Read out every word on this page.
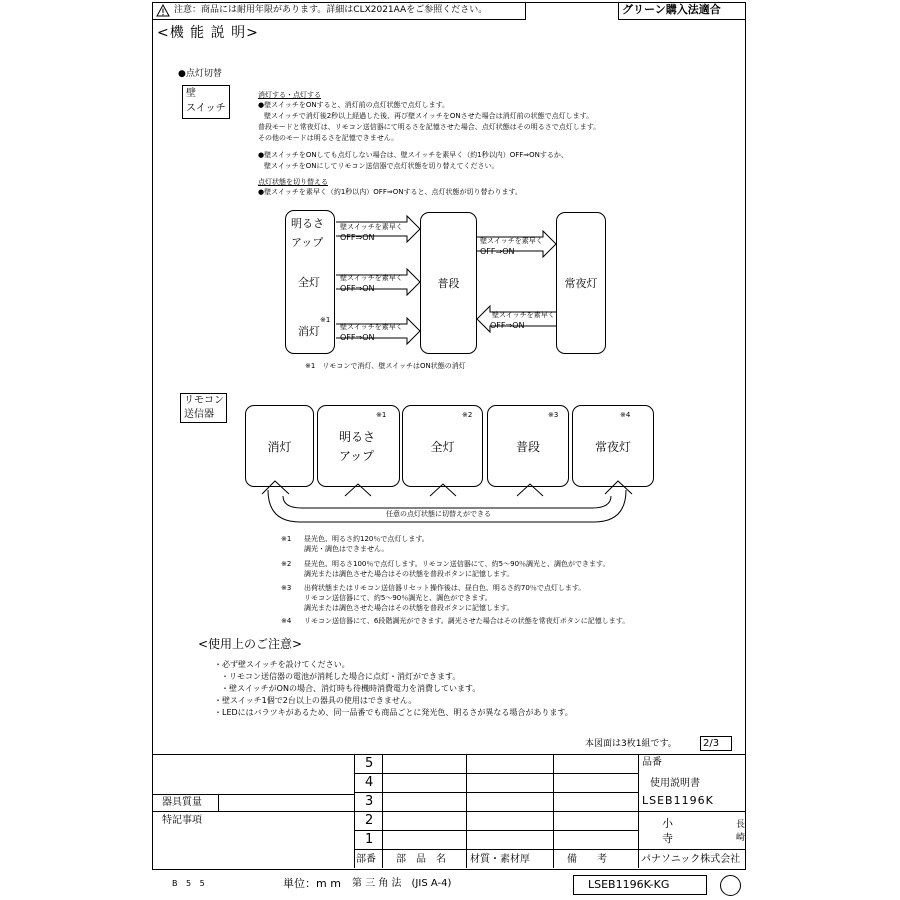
注意：商品には耐用年限があります。詳細はCLX2021AAをご参照ください。	グリーン購入法適合
<機 能 説 明>
●点灯切替
壁
スイッチ
消灯する・点灯する
●壁スイッチをONすると、消灯前の点灯状態で点灯します。
壁スイッチで消灯後2秒以上経過した後、再び壁スイッチをONさせた場合は消灯前の状態で点灯します。
普段モードと常夜灯は、リモコン送信器にて明るさを記憶させた場合、点灯状態はその明るさで点灯します。
その他のモードは明るさを記憶できません。
●壁スイッチをONしても点灯しない場合は、壁スイッチを素早く（約1秒以内）OFF⇒ONするか、
壁スイッチをONにしてリモコン送信器で点灯状態を切り替えてください。
点灯状態を切り替える
●壁スイッチを素早く（約1秒以内）OFF⇒ONすると、点灯状態が切り替わります。
明るさ
アップ
全灯
※1
消灯
普段	常夜灯
壁スイッチを素早く
OFF⇒ON
壁スイッチを素早く
OFF⇒ON
壁スイッチを素早く
OFF⇒ON
壁スイッチを素早く
OFF⇒ON
壁スイッチを素早く
OFF⇒ON
※1　リモコンで消灯、壁スイッチはON状態の消灯
リモコン
送信器
消灯
※1
明るさ
アップ
全灯
※2
普段
※3
常夜灯
※4
任意の点灯状態に切替えができる
※1 昼光色、明るさ約120％で点灯します。
調光・調色はできません。
※2 昼光色、明るさ100％で点灯します。リモコン送信器にて、約5～90％調光と、調色ができます。
調光または調色させた場合はその状態を普段ボタンに記憶します。
※3 出荷状態またはリモコン送信器リセット操作後は、昼白色、明るさ約70％で点灯します。
リモコン送信器にて、約5～90％調光と、調色ができます。
調光または調色させた場合はその状態を普段ボタンに記憶します。
※4 リモコン送信器にて、6段階調光ができます。調光させた場合はその状態を常夜灯ボタンに記憶します。
<使用上のご注意>
・必ず壁スイッチを設けてください。
・リモコン送信器の電池が消耗した場合に点灯・消灯ができます。
・壁スイッチがONの場合、消灯時も待機時消費電力を消費しています。
・壁スイッチ1個で2台以上の器具の使用はできません。
・LEDにはバラツキがあるため、同一品番でも商品ごとに発光色、明るさが異なる場合があります。
本図面は3枚1組です。	2/3
5
4
3
2
1
器具質量
特記事項
部番 部　品　名 材質・素材厚	備　　考
品番
使用説明書
LSEB1196K
小
寺
長
崎
パナソニック株式会社
B 5 5	単位：m m 第 三 角 法　(JIS A-4)	LSEB1196K-KG
